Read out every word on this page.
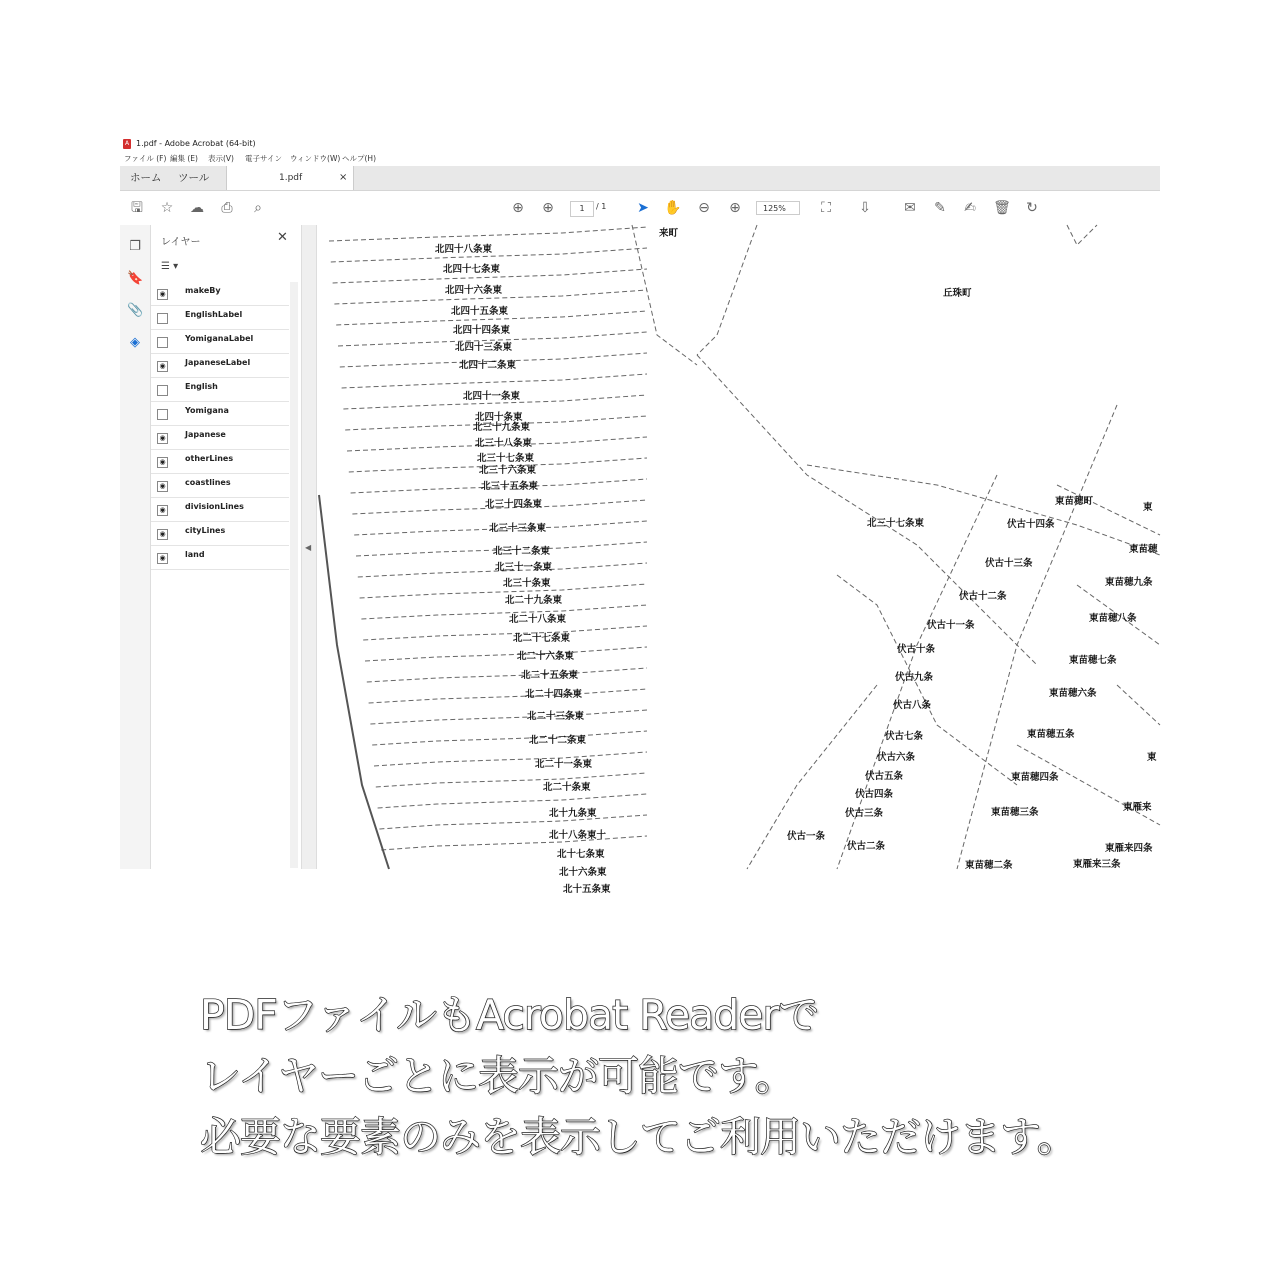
A 1.pdf - Adobe Acrobat (64-bit)
ファイル (F) 編集 (E) 表示(V) 電子サイン ウィンドウ(W) ヘルプ(H)
ホーム ツール	1.pdf	×
🖫 ☆ ☁ ⎙	⌕	⊕ ⊕	1	/ 1 ➤ ✋ ⊖ ⊕	125%	⛶ ⇩ ✉ ✎ ✍ 🗑 ↻
❐
🔖
📎
◈
レイヤー	✕
☰ ▾
◉	makeBy
EnglishLabel
YomiganaLabel
◉	JapaneseLabel
English
Yomigana
◉	Japanese
◉	otherLines
◉	coastlines
◉	divisionLines
◉	cityLines
◉	land
◀
来町
丘珠町
北四十八条東
北四十七条東
北四十六条東
北四十五条東
北四十四条東
北四十三条東
北四十二条東
北四十一条東
北四十条東
北三十九条東
北三十八条東
北三十七条東
北三十六条東
北三十五条東
北三十四条東
北三十三条東
北三十二条東
北三十一条東
北三十条東
北二十九条東
北二十八条東
北二十七条東
北二十六条東
北二十五条東
北二十四条東
北二十三条東
北二十二条東
北二十一条東
北二十条東
北十九条東
北十八条東十
北十七条東
北十六条東
北十五条東
北三十七条東	伏古十四条
伏古十三条
伏古十二条
伏古十一条
伏古十条
伏古九条
伏古八条
伏古七条
伏古六条
伏古五条
伏古四条
伏古三条
伏古二条
伏古一条
東苗穂町
東苗穂
東苗穂九条
東苗穂八条
東苗穂七条
東苗穂六条
東苗穂五条
東苗穂四条
東苗穂三条
東苗穂二条
東雁来四条
東雁来三条
東雁来
東
東
PDFファイルもAcrobat Readerで
レイヤーごとに表示が可能です。
必要な要素のみを表示してご利用いただけます。
